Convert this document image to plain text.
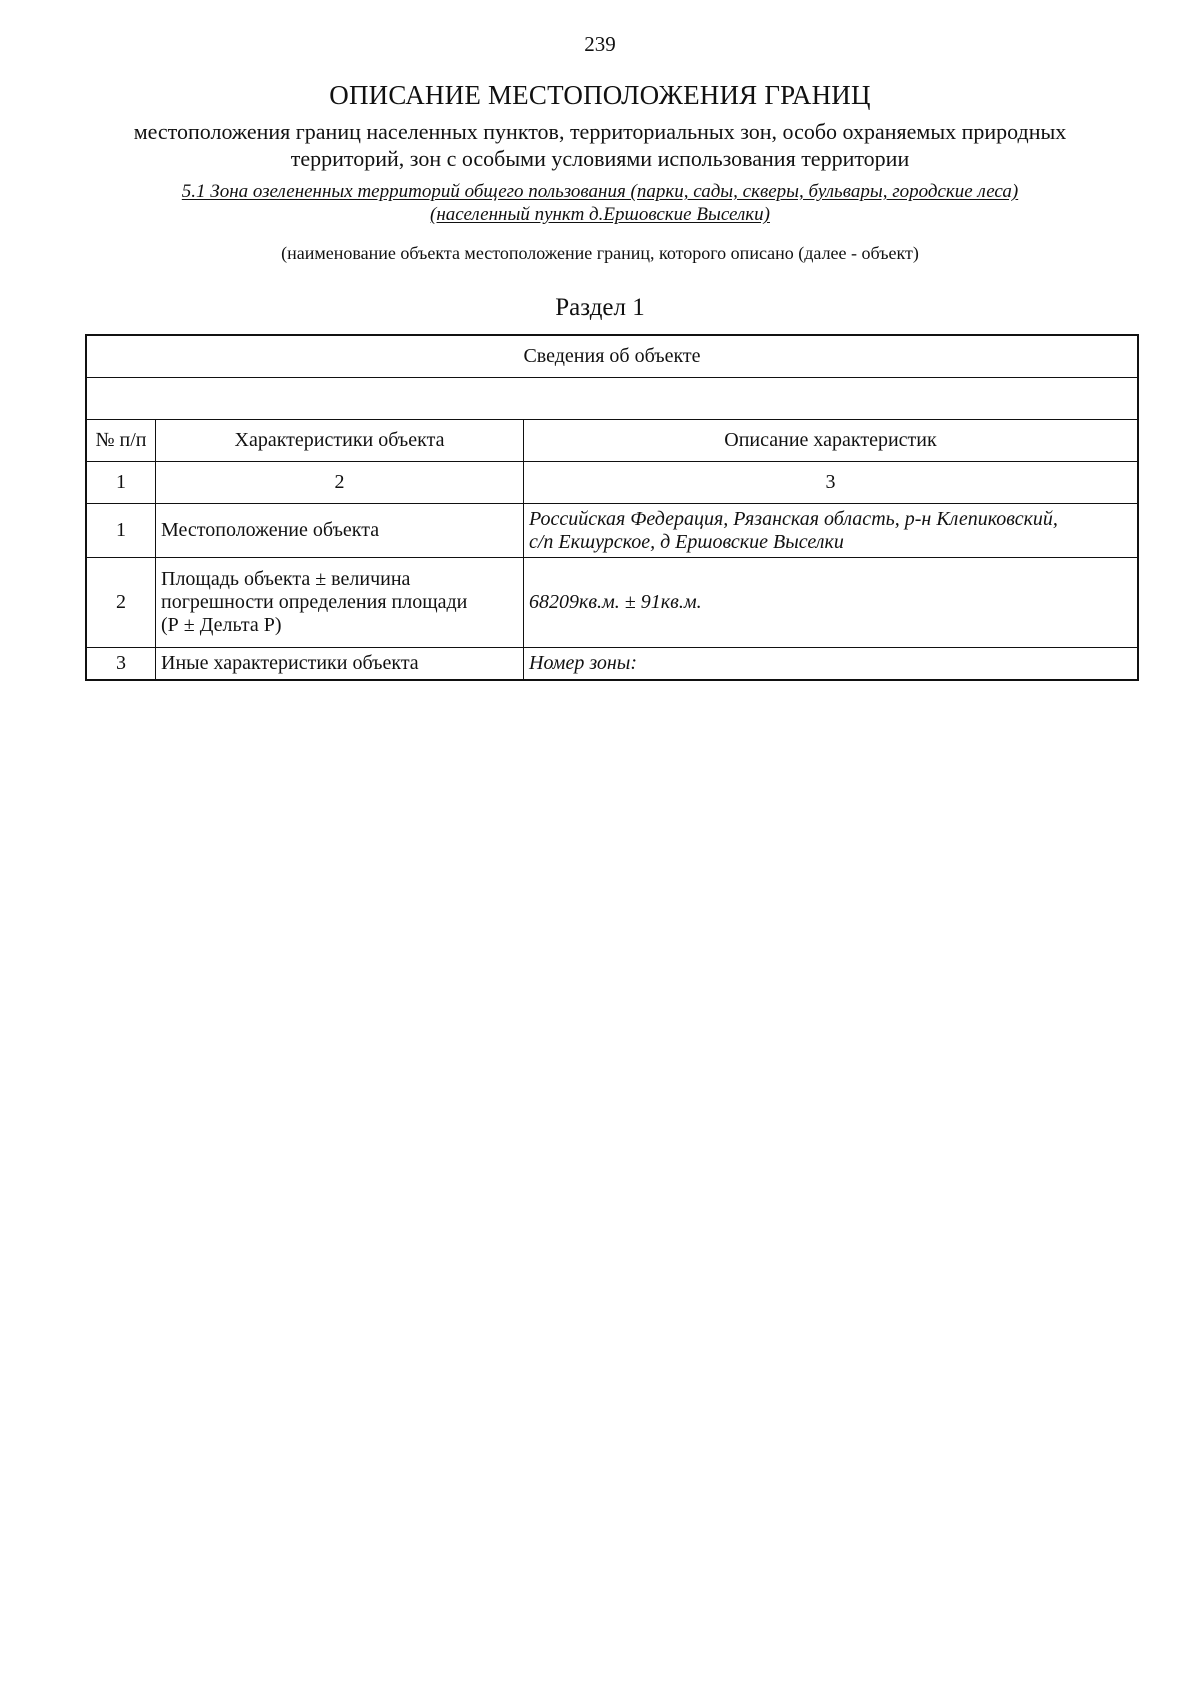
239
ОПИСАНИЕ МЕСТОПОЛОЖЕНИЯ ГРАНИЦ
местоположения границ населенных пунктов, территориальных зон, особо охраняемых природных
территорий, зон с особыми условиями использования территории
5.1 Зона озелененных территорий общего пользования (парки, сады, скверы, бульвары, городские леса)
(населенный пункт д.Ершовские Выселки)
(наименование объекта местоположение границ, которого описано (далее - объект)
Раздел 1
Сведения об объекте		

№ п/п	Характеристики объекта	Описание характеристик
1	2	3
1	Местоположение объекта	Российская Федерация, Рязанская область, р-н Клепиковский,
с/п Екшурское, д Ершовские Выселки

2	Площадь объекта ± величина
погрешности определения площади
(Р ± Дельта Р)	68209кв.м. ± 91кв.м.

3	Иные характеристики объекта	Номер зоны:
